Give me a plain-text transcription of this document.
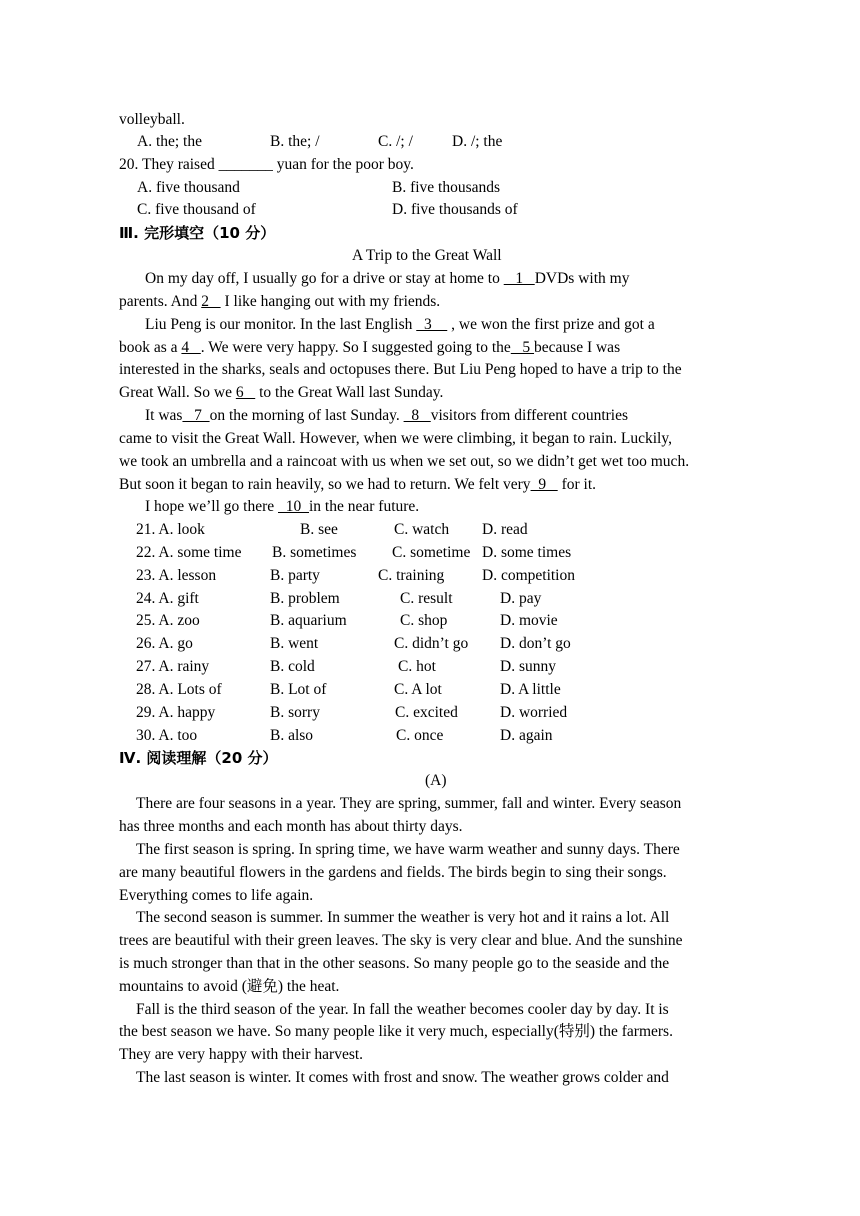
volleyball.
A. the; the	B. the; /	C. /; /	D. /; the
20. They raised _______ yuan for the poor boy.
A. five thousand	B. five thousands
C. five thousand of	D. five thousands of
Ⅲ. 完形填空（10 分）
A Trip to the Great Wall
On my day off, I usually go for a drive or stay at home to    1   DVDs with my
parents. And 2    I like hanging out with my friends.
Liu Peng is our monitor. In the last English   3     , we won the first prize and got a
book as a 4   . We were very happy. So I suggested going to the   5 because I was
interested in the sharks, seals and octopuses there. But Liu Peng hoped to have a trip to the
Great Wall. So we 6    to the Great Wall last Sunday.
It was   7  on the morning of last Sunday.   8   visitors from different countries
came to visit the Great Wall. However, when we were climbing, it began to rain. Luckily,
we took an umbrella and a raincoat with us when we set out, so we didn’t get wet too much.
But soon it began to rain heavily, so we had to return. We felt very  9    for it.
I hope we’ll go there   10  in the near future.
21. A. look	B. see	C. watch D. read
22. A. some time B. sometimes C. sometime D. some times
23. A. lesson	B. party	C. training D. competition
24. A. gift	B. problem	C. result	D. pay
25. A. zoo	B. aquarium	C. shop	D. movie
26. A. go	B. went	C. didn’t go D. don’t go
27. A. rainy	B. cold	C. hot	D. sunny
28. A. Lots of	B. Lot of	C. A lot	D. A little
29. A. happy	B. sorry	C. excited	D. worried
30. A. too	B. also	C. once	D. again
Ⅳ. 阅读理解（20 分）
(A)
There are four seasons in a year. They are spring, summer, fall and winter. Every season
has three months and each month has about thirty days.
The first season is spring. In spring time, we have warm weather and sunny days. There
are many beautiful flowers in the gardens and fields. The birds begin to sing their songs.
Everything comes to life again.
The second season is summer. In summer the weather is very hot and it rains a lot. All
trees are beautiful with their green leaves. The sky is very clear and blue. And the sunshine
is much stronger than that in the other seasons. So many people go to the seaside and the
mountains to avoid (避免) the heat.
Fall is the third season of the year. In fall the weather becomes cooler day by day. It is
the best season we have. So many people like it very much, especially(特别) the farmers.
They are very happy with their harvest.
The last season is winter. It comes with frost and snow. The weather grows colder and
